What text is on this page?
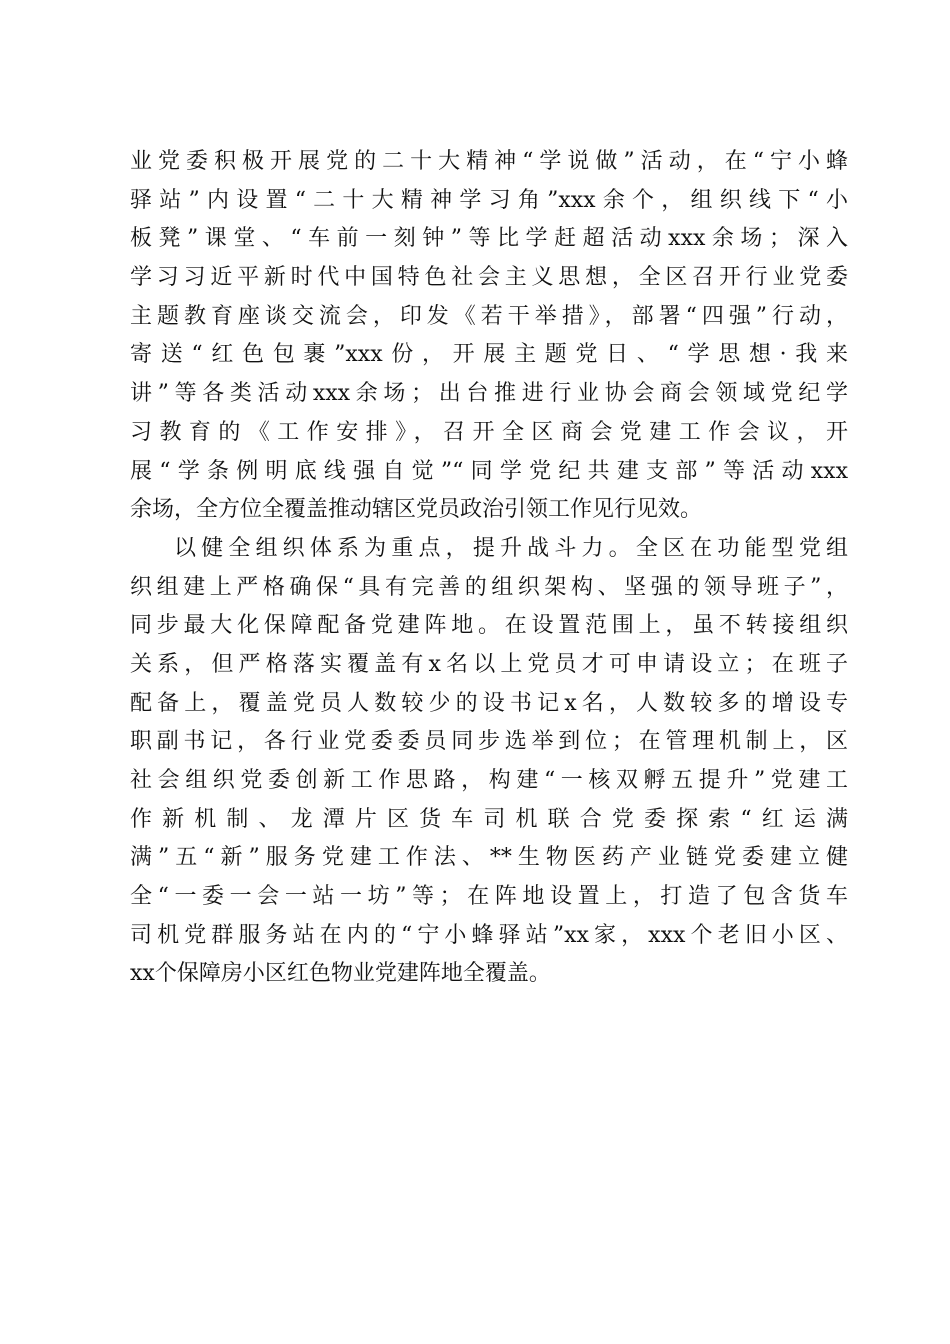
业党委积极开展党的二十大精神“学说做”活动，在“宁小蜂
驿站”内设置“二十大精神学习角”xxx余个，组织线下“小
板凳”课堂、“车前一刻钟”等比学赶超活动xxx余场；深入
学习习近平新时代中国特色社会主义思想，全区召开行业党委
主题教育座谈交流会，印发《若干举措》，部署“四强”行动，
寄送“红色包裹”xxx份，开展主题党日、“学思想·我来
讲”等各类活动xxx余场；出台推进行业协会商会领域党纪学
习教育的《工作安排》，召开全区商会党建工作会议，开
展“学条例明底线强自觉”“同学党纪共建支部”等活动xxx
余场，全方位全覆盖推动辖区党员政治引领工作见行见效。
以健全组织体系为重点，提升战斗力。全区在功能型党组
织组建上严格确保“具有完善的组织架构、坚强的领导班子”，
同步最大化保障配备党建阵地。在设置范围上，虽不转接组织
关系，但严格落实覆盖有x名以上党员才可申请设立；在班子
配备上，覆盖党员人数较少的设书记x名，人数较多的增设专
职副书记，各行业党委委员同步选举到位；在管理机制上，区
社会组织党委创新工作思路，构建“一核双孵五提升”党建工
作新机制、龙潭片区货车司机联合党委探索“红运满
满”五“新”服务党建工作法、**生物医药产业链党委建立健
全“一委一会一站一坊”等；在阵地设置上，打造了包含货车
司机党群服务站在内的“宁小蜂驿站”xx家，xxx个老旧小区、
xx个保障房小区红色物业党建阵地全覆盖。
